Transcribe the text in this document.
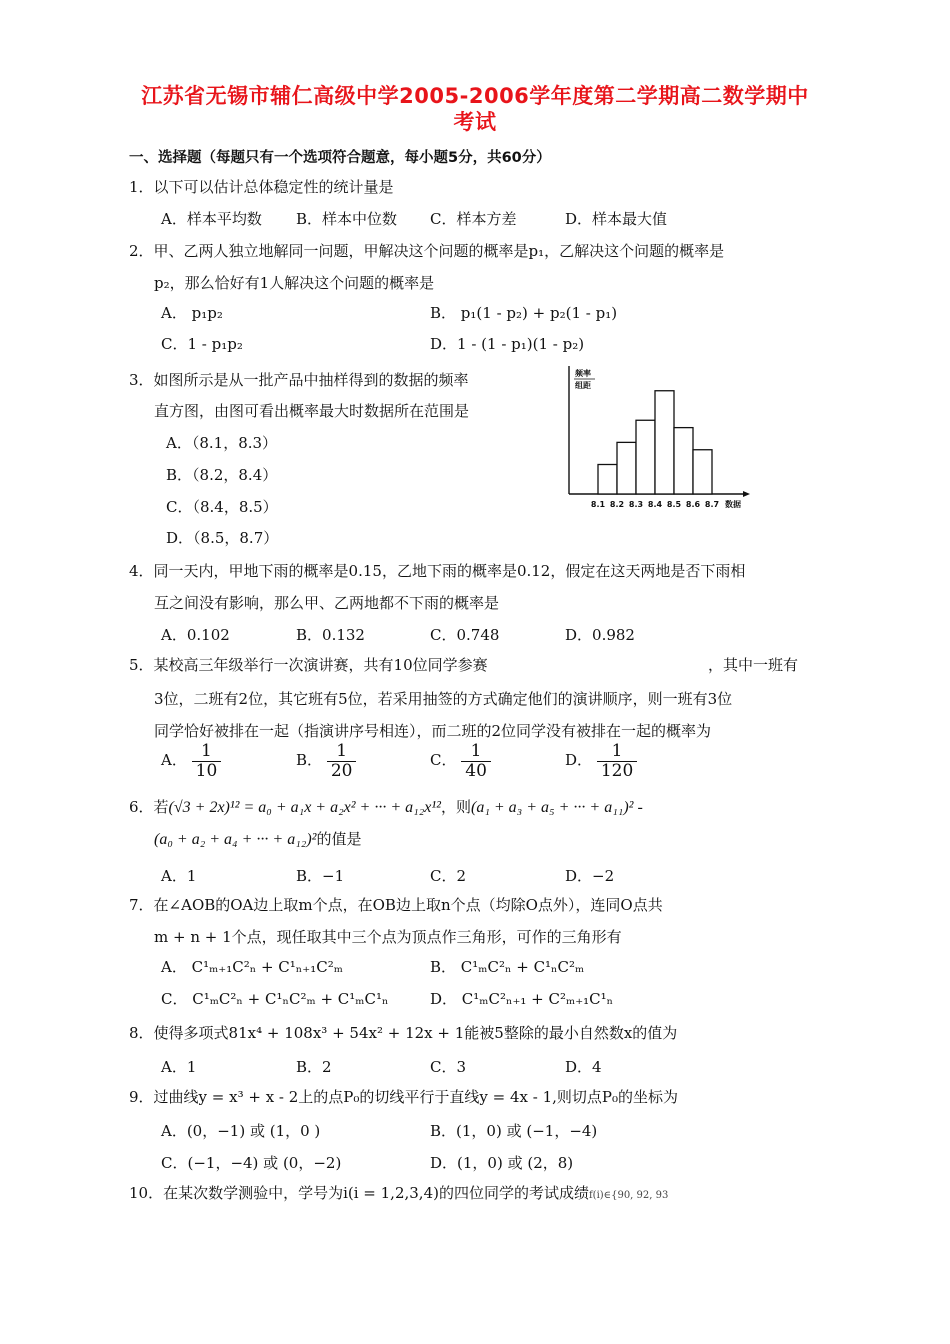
江苏省无锡市辅仁高级中学2005-2006学年度第二学期高二数学期中
考试
一、选择题（每题只有一个选项符合题意，每小题5分，共60分）
1．以下可以估计总体稳定性的统计量是
A．样本平均数 B．样本中位数 C．样本方差	D．样本最大值
2．甲、乙两人独立地解同一问题，甲解决这个问题的概率是p₁，乙解决这个问题的概率是
p₂，那么恰好有1人解决这个问题的概率是
A． p₁p₂	B． p₁(1 - p₂) + p₂(1 - p₁)
C．1 - p₁p₂	D．1 - (1 - p₁)(1 - p₂)
3．如图所示是从一批产品中抽样得到的数据的频率
直方图，由图可看出概率最大时数据所在范围是
A．（8.1，8.3）
B．（8.2，8.4）
C．（8.4，8.5）
D．（8.5，8.7）
频率
组距
8.1 8.2 8.3 8.4 8.5 8.6 8.7 数据
4．同一天内，甲地下雨的概率是0.15，乙地下雨的概率是0.12，假定在这天两地是否下雨相
互之间没有影响，那么甲、乙两地都不下雨的概率是
A．0.102	B．0.132	C．0.748	D．0.982
5．某校高三年级举行一次演讲赛，共有10位同学参赛	，其中一班有
3位，二班有2位，其它班有5位，若采用抽签的方式确定他们的演讲顺序，则一班有3位
同学恰好被排在一起（指演讲序号相连），而二班的2位同学没有被排在一起的概率为
A． $\frac{1}{10}$	B． $\frac{1}{20}$	C． $\frac{1}{40}$	D． $\frac{1}{120}$
6．若(√3 + 2x)¹² = a₀ + a₁x + a₂x² + ··· + a₁₂x¹²，则(a₁ + a₃ + a₅ + ··· + a₁₁)² -
(a₀ + a₂ + a₄ + ··· + a₁₂)²的值是
A．1	B．−1	C．2	D．−2
7．在∠AOB的OA边上取m个点，在OB边上取n个点（均除O点外），连同O点共
m + n + 1个点，现任取其中三个点为顶点作三角形，可作的三角形有
A． C¹ₘ₊₁C²ₙ + C¹ₙ₊₁C²ₘ	B． C¹ₘC²ₙ + C¹ₙC²ₘ
C． C¹ₘC²ₙ + C¹ₙC²ₘ + C¹ₘC¹ₙ	D． C¹ₘC²ₙ₊₁ + C²ₘ₊₁C¹ₙ
8．使得多项式81x⁴ + 108x³ + 54x² + 12x + 1能被5整除的最小自然数x的值为
A．1	B．2	C．3	D．4
9．过曲线y = x³ + x - 2上的点P₀的切线平行于直线y = 4x - 1,则切点P₀的坐标为
A．(0，−1) 或 (1，0 )	B．(1，0) 或 (−1，−4)
C．(−1，−4) 或 (0，−2)	D．(1，0) 或 (2，8)
10．在某次数学测验中，学号为i(i = 1,2,3,4)的四位同学的考试成绩f(i)∈{90, 92, 93
